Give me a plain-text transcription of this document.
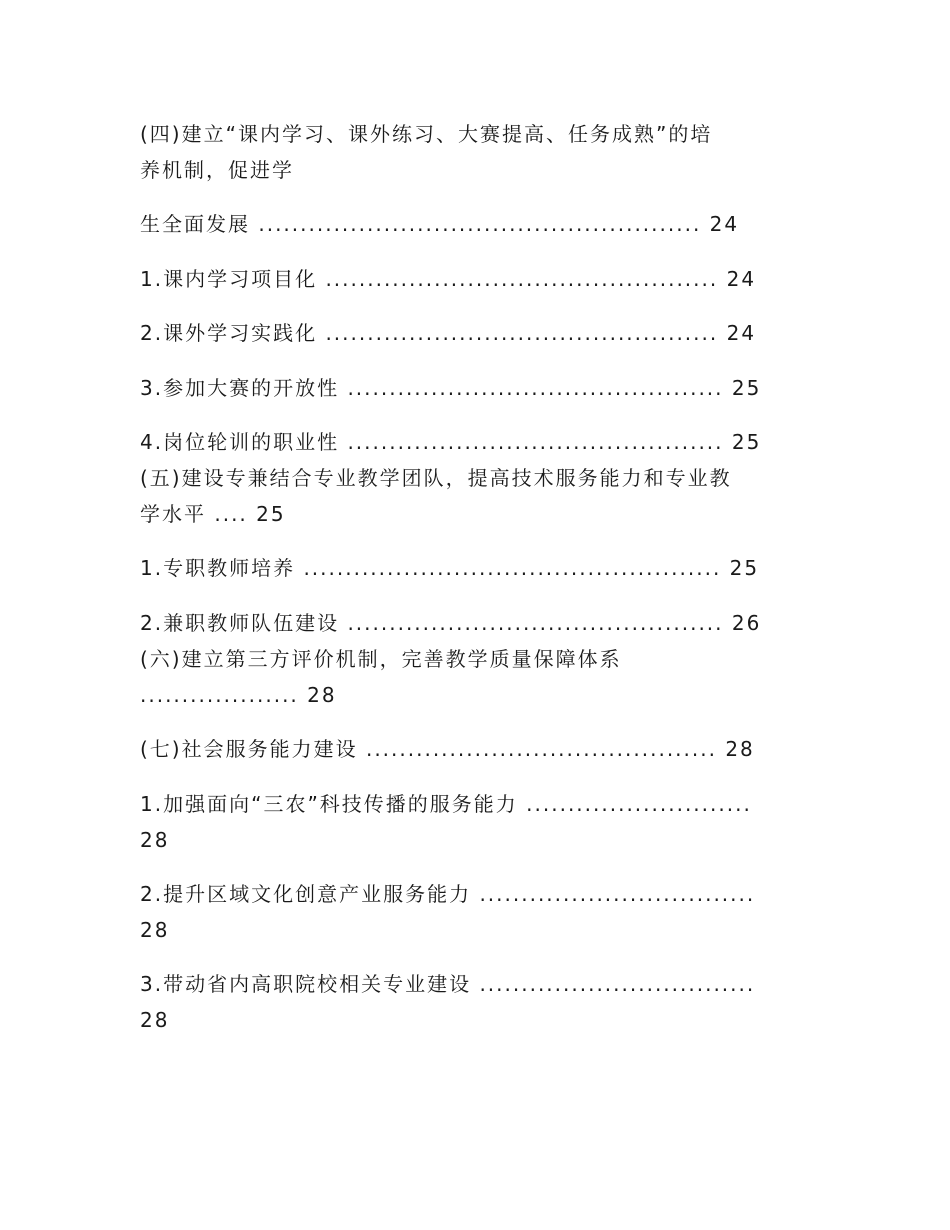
(四)建立“课内学习、课外练习、大赛提高、任务成熟”的培

养机制，促进学

生全面发展 ..................................................... 24

1.课内学习项目化 ............................................... 24

2.课外学习实践化 ............................................... 24

3.参加大赛的开放性 ............................................. 25

4.岗位轮训的职业性 ............................................. 25

(五)建设专兼结合专业教学团队，提高技术服务能力和专业教

学水平 .... 25

1.专职教师培养 .................................................. 25

2.兼职教师队伍建设 ............................................. 26

(六)建立第三方评价机制，完善教学质量保障体系

................... 28

(七)社会服务能力建设 .......................................... 28

1.加强面向“三农”科技传播的服务能力 ...........................

28

2.提升区域文化创意产业服务能力 .................................

28

3.带动省内高职院校相关专业建设 .................................

28
